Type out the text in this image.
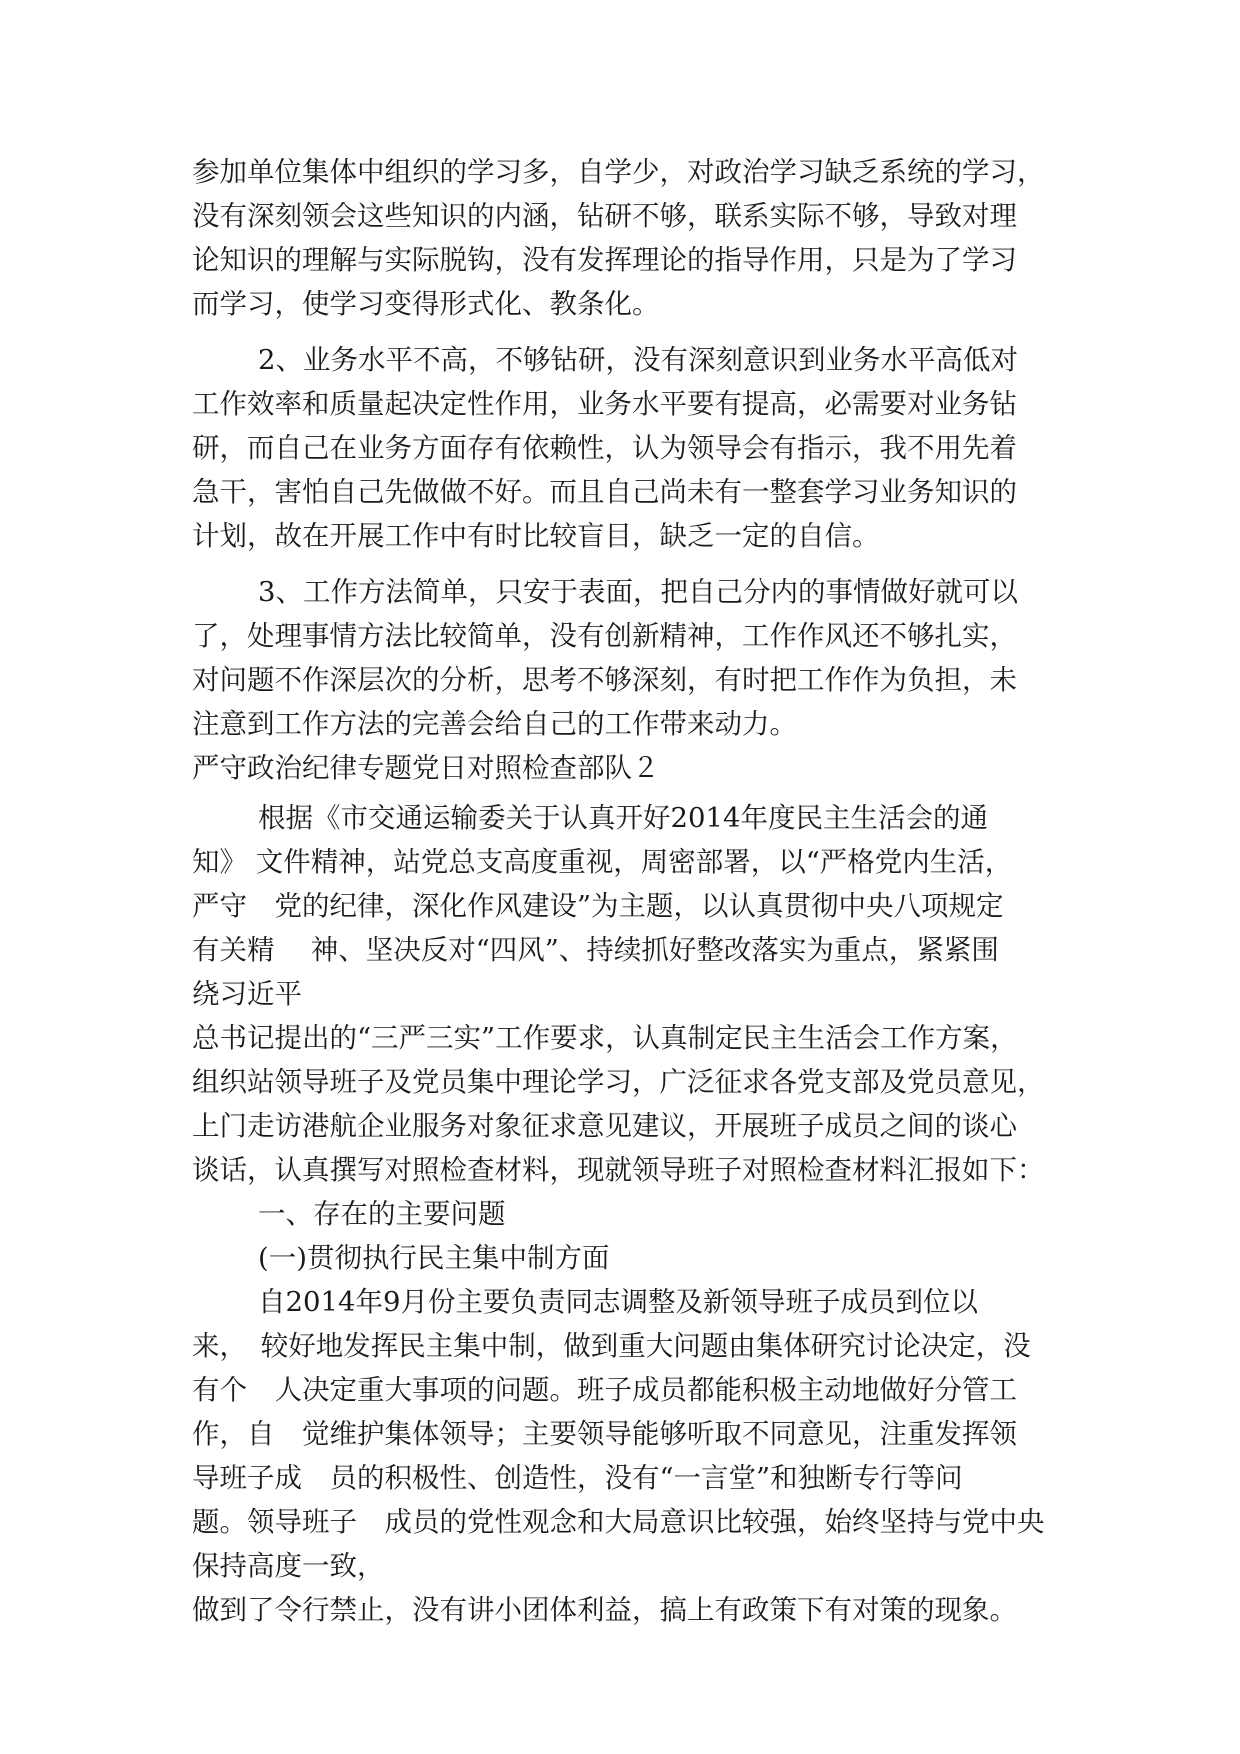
参加单位集体中组织的学习多，自学少，对政治学习缺乏系统的学习，
没有深刻领会这些知识的内涵，钻研不够，联系实际不够，导致对理
论知识的理解与实际脱钩，没有发挥理论的指导作用，只是为了学习
而学习，使学习变得形式化、教条化。
2、业务水平不高，不够钻研，没有深刻意识到业务水平高低对
工作效率和质量起决定性作用，业务水平要有提高，必需要对业务钻
研，而自己在业务方面存有依赖性，认为领导会有指示，我不用先着
急干，害怕自己先做做不好。而且自己尚未有一整套学习业务知识的
计划，故在开展工作中有时比较盲目，缺乏一定的自信。
3、工作方法简单，只安于表面，把自己分内的事情做好就可以
了，处理事情方法比较简单，没有创新精神，工作作风还不够扎实，
对问题不作深层次的分析，思考不够深刻，有时把工作作为负担，未
注意到工作方法的完善会给自己的工作带来动力。
严守政治纪律专题党日对照检查部队２
根据《市交通运输委关于认真开好2014年度民主生活会的通
知》 文件精神，站党总支高度重视，周密部署，以“严格党内生活，
严守　党的纪律，深化作风建设”为主题，以认真贯彻中央八项规定
有关精　 神、坚决反对“四风”、持续抓好整改落实为重点，紧紧围
绕习近平
总书记提出的“三严三实”工作要求，认真制定民主生活会工作方案，
组织站领导班子及党员集中理论学习，广泛征求各党支部及党员意见，
上门走访港航企业服务对象征求意见建议，开展班子成员之间的谈心
谈话，认真撰写对照检查材料，现就领导班子对照检查材料汇报如下：
一、存在的主要问题
(一)贯彻执行民主集中制方面
自2014年9月份主要负责同志调整及新领导班子成员到位以
来，　较好地发挥民主集中制，做到重大问题由集体研究讨论决定，没
有个　人决定重大事项的问题。班子成员都能积极主动地做好分管工
作，自　觉维护集体领导；主要领导能够听取不同意见，注重发挥领
导班子成　员的积极性、创造性，没有“一言堂”和独断专行等问
题。领导班子　成员的党性观念和大局意识比较强，始终坚持与党中央
保持高度一致，
做到了令行禁止，没有讲小团体利益，搞上有政策下有对策的现象。
